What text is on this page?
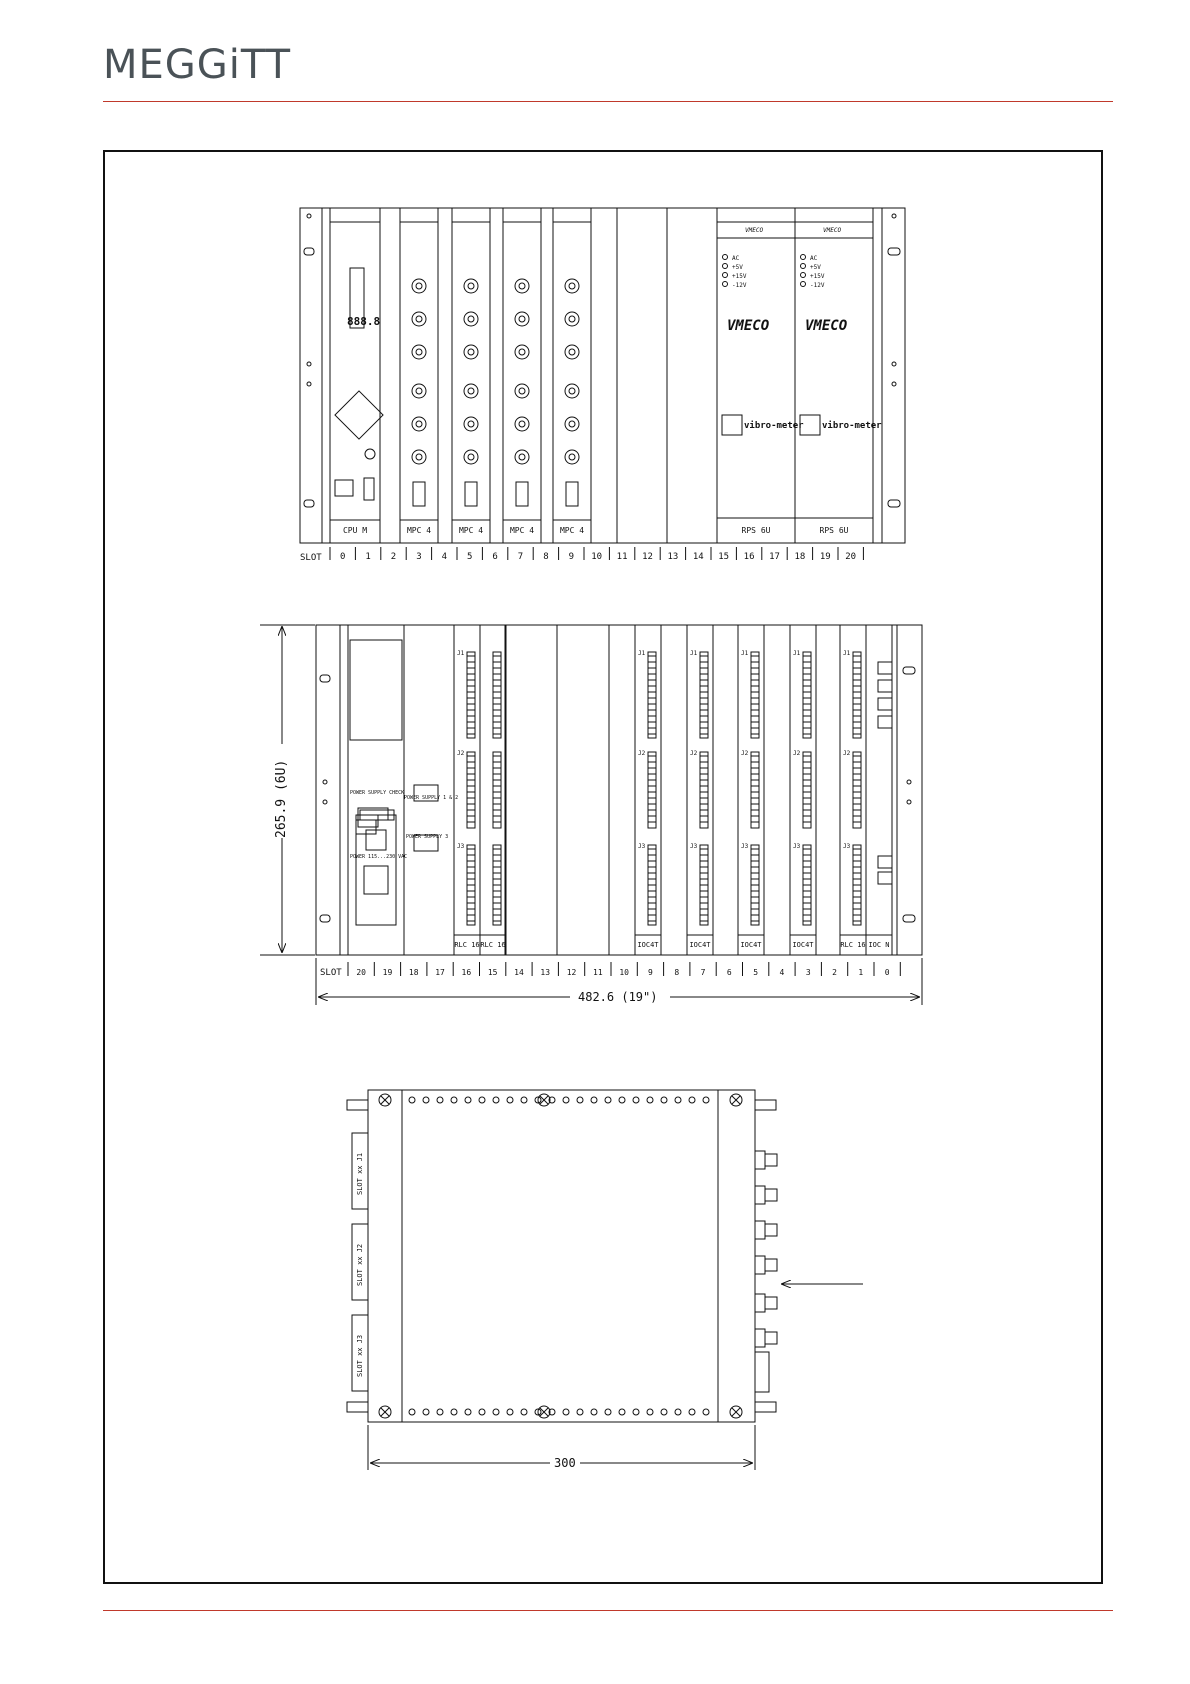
MEGGiTT
SLOT 0 1 2 3 4 5 6 7 8 9 10 11 12 13 14 15 16 17 18 19 20
CPU M	MPC 4	MPC 4	MPC 4	MPC 4	RPS 6U	RPS 6U
888.8
AC
+5V
+15V
-12V
AC
+5V
+15V
-12V
VMECO	VMECO
vibro-meter vibro-meter
VMECO	VMECO
SLOT 20 19 18 17 16 15 14 13 12 11 10 9	8	7	6	5	4	3	2	1	0
RLC 16 RLC 16	IOC4T	IOC4T	IOC4T	IOC4T	RLC 16 IOC N
J1
J2
J3
J1
J2
J3
J1
J2
J3
J1
J2
J3
J1
J2
J3
J1
J2
J3
POWER SUPPLY CHECK
POWER SUPPLY 1 & 2
POWER SUPPLY 3
POWER 115...230 VAC
265.9 (6U)
482.6 (19")
SLOT xx J1
SLOT xx J2
SLOT xx J3
300
